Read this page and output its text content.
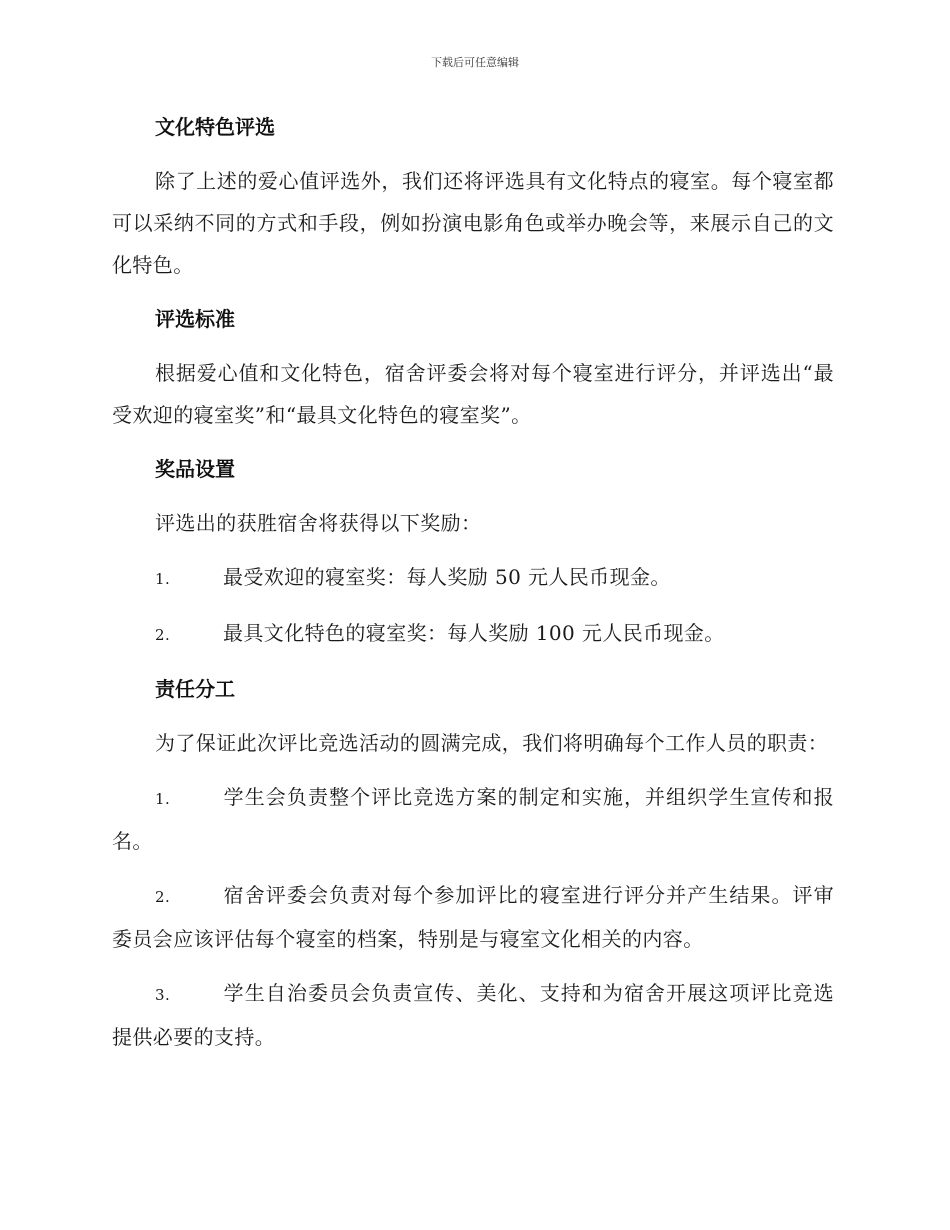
下载后可任意编辑
文化特色评选

除了上述的爱心值评选外，我们还将评选具有文化特点的寝室。每个寝室都可以采纳不同的方式和手段，例如扮演电影角色或举办晚会等，来展示自己的文化特色。

评选标准

根据爱心值和文化特色，宿舍评委会将对每个寝室进行评分，并评选出“最受欢迎的寝室奖”和“最具文化特色的寝室奖”。

奖品设置

评选出的获胜宿舍将获得以下奖励：

1.	最受欢迎的寝室奖：每人奖励 50 元人民币现金。

2.	最具文化特色的寝室奖：每人奖励 100 元人民币现金。

责任分工

为了保证此次评比竞选活动的圆满完成，我们将明确每个工作人员的职责：

1.	学生会负责整个评比竞选方案的制定和实施，并组织学生宣传和报名。

2.	宿舍评委会负责对每个参加评比的寝室进行评分并产生结果。评审委员会应该评估每个寝室的档案，特别是与寝室文化相关的内容。

3.	学生自治委员会负责宣传、美化、支持和为宿舍开展这项评比竞选提供必要的支持。
